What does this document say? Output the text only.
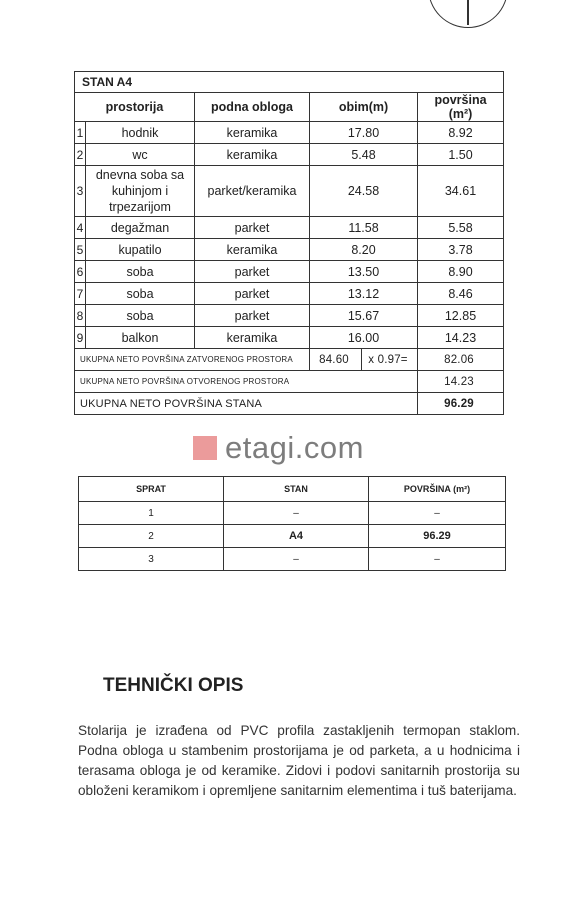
STAN A4					
prostorija		podna obloga	obim(m)		površina (m²)
1	hodnik	keramika	17.80		8.92
2	wc	keramika	5.48		1.50
3	dnevna soba sa kuhinjom i trpezarijom	parket/keramika	24.58		34.61
4	degažman	parket	11.58		5.58
5	kupatilo	keramika	8.20		3.78
6	soba	parket	13.50		8.90
7	soba	parket	13.12		8.46
8	soba	parket	15.67		12.85
9	balkon	keramika	16.00		14.23
UKUPNA NETO POVRŠINA ZATVORENOG PROSTORA			84.60	x 0.97=	82.06
UKUPNA NETO POVRŠINA OTVORENOG PROSTORA					14.23
UKUPNA NETO POVRŠINA STANA					96.29
etagi.com
SPRAT	STAN	POVRŠINA (m²)
1	–	–
2	A4	96.29
3	–	–
TEHNIČKI OPIS
Stolarija je izrađena od PVC profila zastakljenih termopan staklom. Podna obloga u stambenim prostorijama je od parketa, a u hodnicima i terasama obloga je od keramike. Zidovi i podovi sanitarnih prostorija su obloženi keramikom i opremljene sanitarnim elementima i tuš baterijama.
